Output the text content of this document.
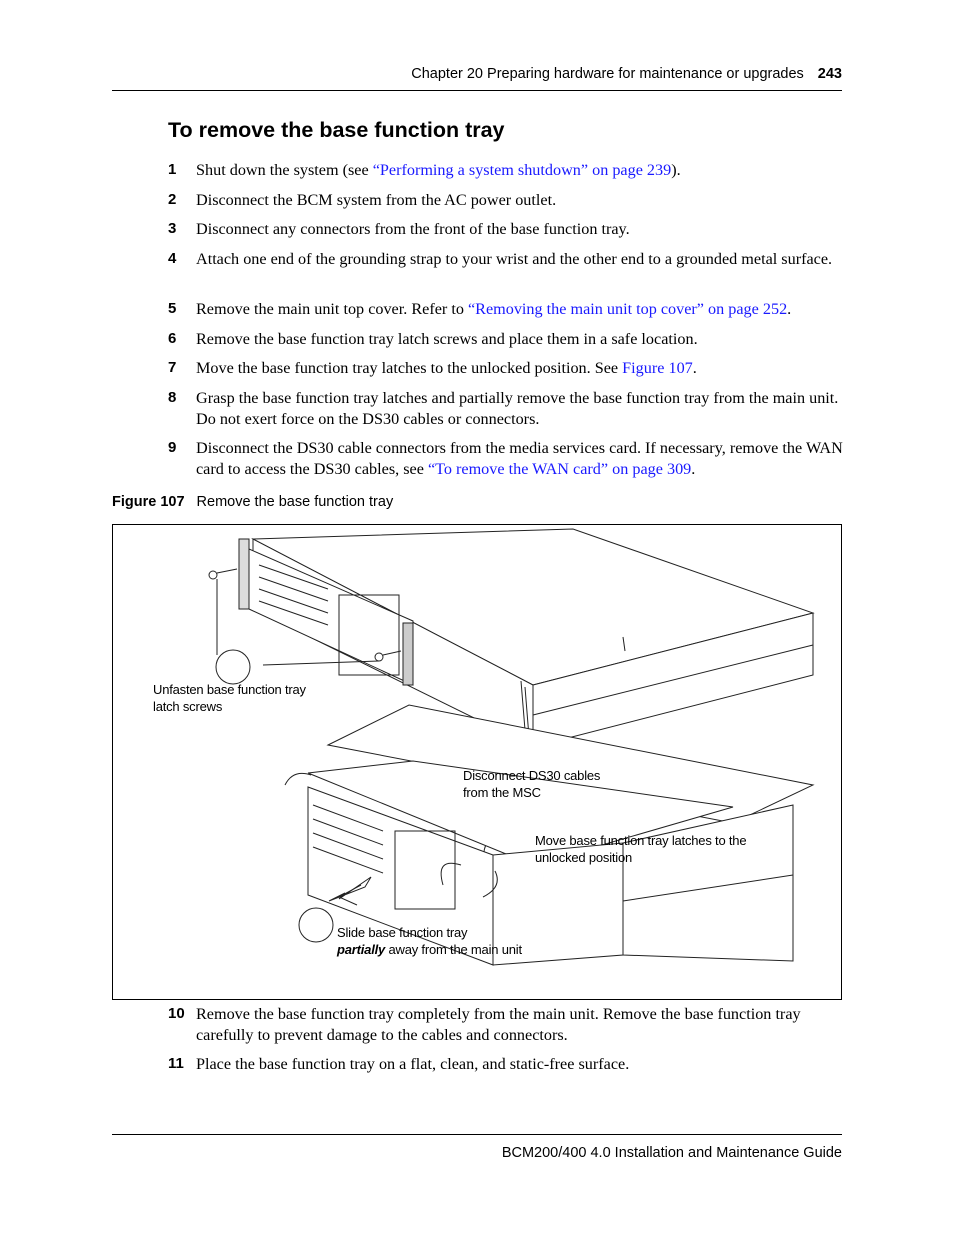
Chapter 20 Preparing hardware for maintenance or upgrades 243
To remove the base function tray
1 Shut down the system (see “Performing a system shutdown” on page 239).
2 Disconnect the BCM system from the AC power outlet.
3 Disconnect any connectors from the front of the base function tray.
4 Attach one end of the grounding strap to your wrist and the other end to a grounded metal surface.
5 Remove the main unit top cover. Refer to “Removing the main unit top cover” on page 252.
6 Remove the base function tray latch screws and place them in a safe location.
7 Move the base function tray latches to the unlocked position. See Figure 107.
8 Grasp the base function tray latches and partially remove the base function tray from the main unit. Do not exert force on the DS30 cables or connectors.
9 Disconnect the DS30 cable connectors from the media services card. If necessary, remove the WAN card to access the DS30 cables, see “To remove the WAN card” on page 309.
Figure 107 Remove the base function tray
Unfasten base function tray latch screws
Disconnect DS30 cables from the MSC
Move base function tray latches to the unlocked position
Slide base function tray
partially away from the main unit
10 Remove the base function tray completely from the main unit. Remove the base function tray carefully to prevent damage to the cables and connectors.
11 Place the base function tray on a flat, clean, and static-free surface.
BCM200/400 4.0 Installation and Maintenance Guide
